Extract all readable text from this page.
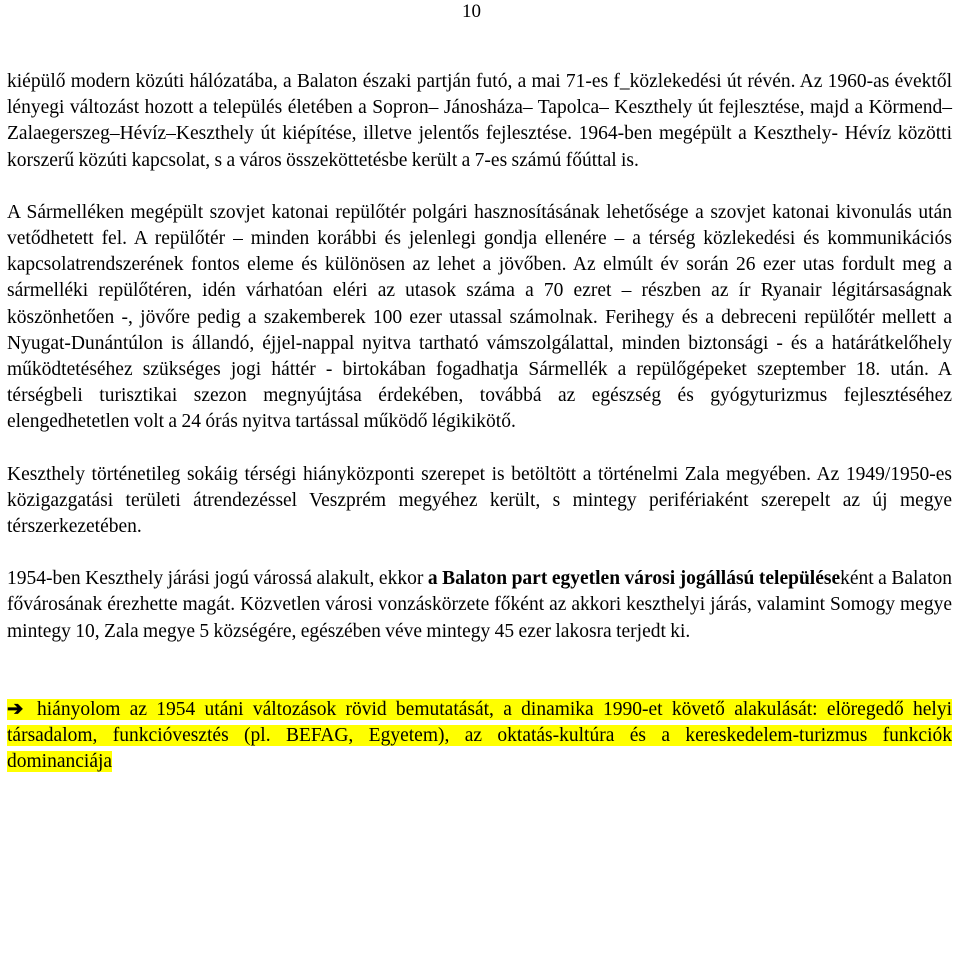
10

kiépülő modern közúti hálózatába, a Balaton északi partján futó, a mai 71-es f_közlekedési út révén. Az 1960-as évektől lényegi változást hozott a település életében a Sopron– Jánosháza– Tapolca– Keszthely út fejlesztése, majd a Körmend– Zalaegerszeg–Hévíz–Keszthely út kiépítése, illetve jelentős fejlesztése. 1964-ben megépült a Keszthely- Hévíz közötti korszerű közúti kapcsolat, s a város összeköttetésbe került a 7-es számú főúttal is.

A Sármelléken megépült szovjet katonai repülőtér polgári hasznosításának lehetősége a szovjet katonai kivonulás után vetődhetett fel. A repülőtér – minden korábbi és jelenlegi gondja ellenére – a térség közlekedési és kommunikációs kapcsolatrendszerének fontos eleme és különösen az lehet a jövőben. Az elmúlt év során 26 ezer utas fordult meg a sármelléki repülőtéren, idén várhatóan eléri az utasok száma a 70 ezret – részben az ír Ryanair légitársaságnak köszönhetően -, jövőre pedig a szakemberek 100 ezer utassal számolnak. Ferihegy és a debreceni repülőtér mellett a Nyugat-Dunántúlon is állandó, éjjel-nappal nyitva tartható vámszolgálattal, minden biztonsági - és a határátkelőhely működtetéséhez szükséges jogi háttér - birtokában fogadhatja Sármellék a repülőgépeket szeptember 18. után. A térségbeli turisztikai szezon megnyújtása érdekében, továbbá az egészség és gyógyturizmus fejlesztéséhez elengedhetetlen volt a 24 órás nyitva tartással működő légikikötő.

Keszthely történetileg sokáig térségi hiányközponti szerepet is betöltött a történelmi Zala megyében. Az 1949/1950-es közigazgatási területi átrendezéssel Veszprém megyéhez került, s mintegy perifériaként szerepelt az új megye térszerkezetében.

1954-ben Keszthely járási jogú várossá alakult, ekkor a Balaton part egyetlen városi jogállású településeként a Balaton fővárosának érezhette magát. Közvetlen városi vonzáskörzete főként az akkori keszthelyi járás, valamint Somogy megye mintegy 10, Zala megye 5 községére, egészében véve mintegy 45 ezer lakosra terjedt ki.

➔ hiányolom az 1954 utáni változások rövid bemutatását, a dinamika 1990-et követő alakulását: elöregedő helyi társadalom, funkcióvesztés (pl. BEFAG, Egyetem), az oktatás-kultúra és a kereskedelem-turizmus funkciók dominanciája
